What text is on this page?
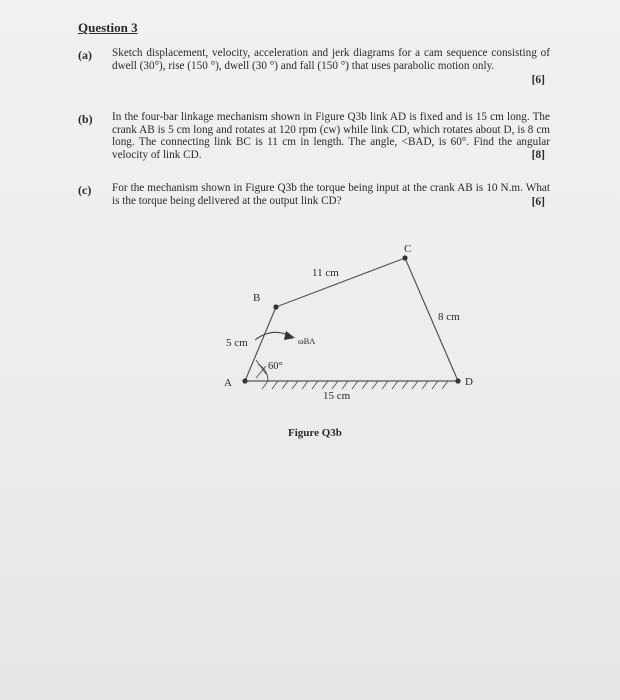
Question 3
(a) Sketch displacement, velocity, acceleration and jerk diagrams for a cam sequence consisting of dwell (30°), rise (150 °), dwell (30 °) and fall (150 °) that uses parabolic motion only.
[6]
(b) In the four-bar linkage mechanism shown in Figure Q3b link AD is fixed and is 15 cm long. The crank AB is 5 cm long and rotates at 120 rpm (cw) while link CD, which rotates about D, is 8 cm long. The connecting link BC is 11 cm in length. The angle, <BAD, is 60°. Find the angular velocity of link CD.	[8]
(c) For the mechanism shown in Figure Q3b the torque being input at the crank AB is 10 N.m. What is the torque being delivered at the output link CD?	[6]
A
B
C
D
5 cm
11 cm
8 cm
15 cm
60°
ωBA
Figure Q3b
